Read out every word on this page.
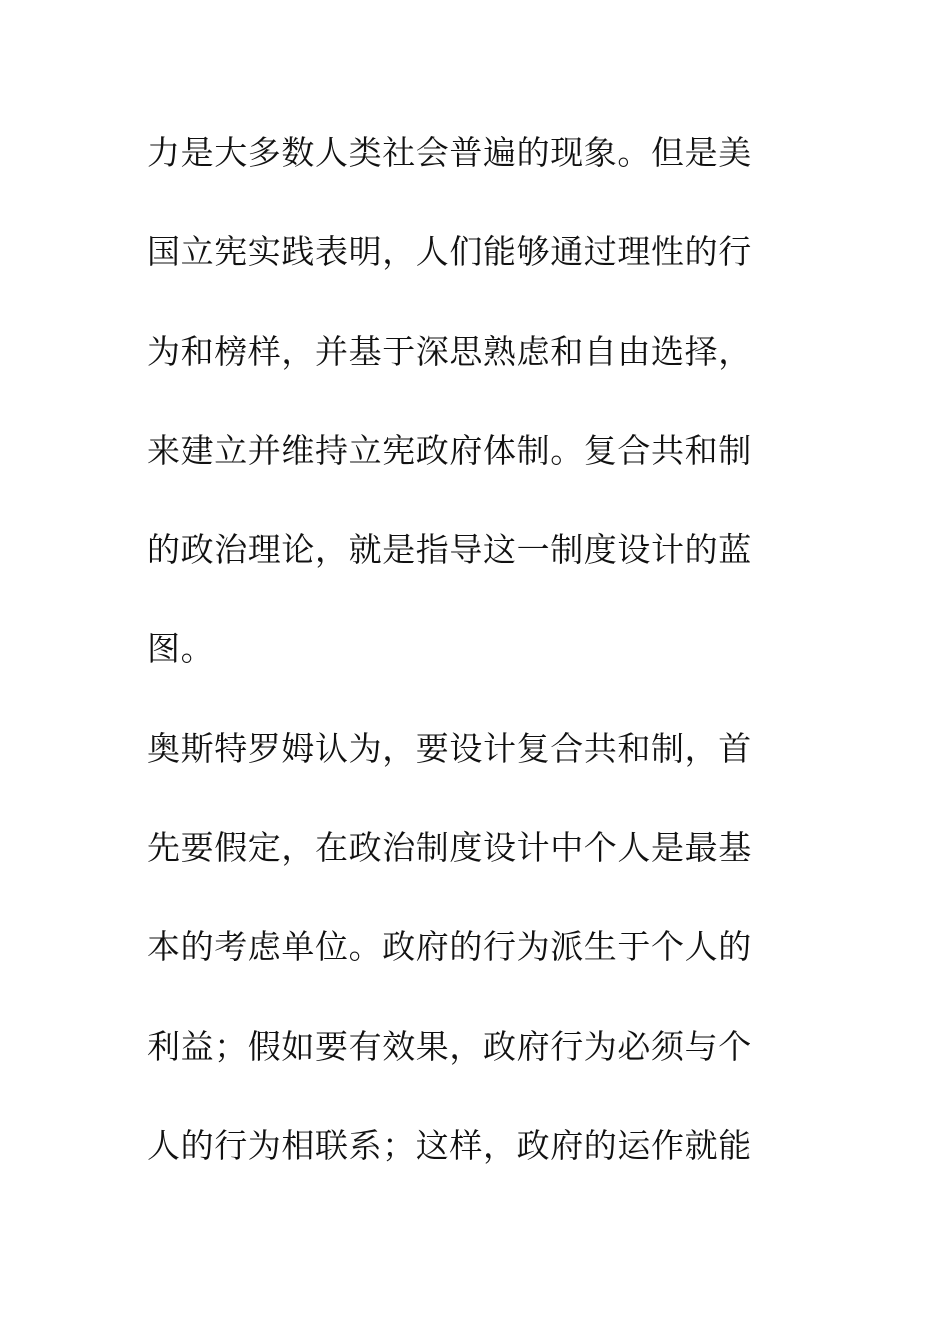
力是大多数人类社会普遍的现象。但是美
国立宪实践表明，人们能够通过理性的行
为和榜样，并基于深思熟虑和自由选择，
来建立并维持立宪政府体制。复合共和制
的政治理论，就是指导这一制度设计的蓝
图。
奥斯特罗姆认为，要设计复合共和制，首
先要假定，在政治制度设计中个人是最基
本的考虑单位。政府的行为派生于个人的
利益；假如要有效果，政府行为必须与个
人的行为相联系；这样，政府的运作就能
